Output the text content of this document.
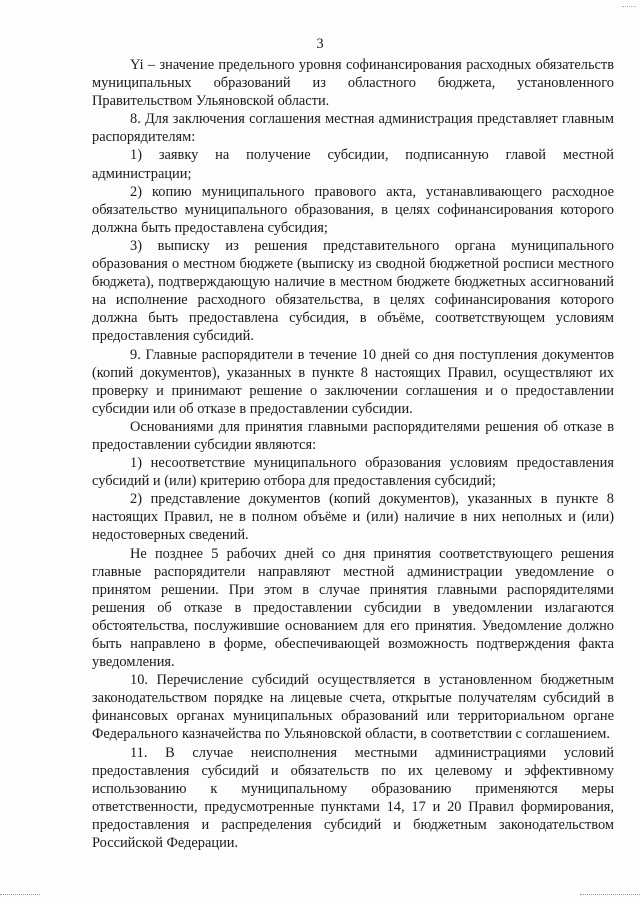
3

Yi – значение предельного уровня софинансирования расходных обязательств муниципальных образований из областного бюджета, установленного Правительством Ульяновской области.

8. Для заключения соглашения местная администрация представляет главным распорядителям:

1) заявку на получение субсидии, подписанную главой местной администрации;

2) копию муниципального правового акта, устанавливающего расходное обязательство муниципального образования, в целях софинансирования которого должна быть предоставлена субсидия;

3) выписку из решения представительного органа муниципального образования о местном бюджете (выписку из сводной бюджетной росписи местного бюджета), подтверждающую наличие в местном бюджете бюджетных ассигнований на исполнение расходного обязательства, в целях софинансирования которого должна быть предоставлена субсидия, в объёме, соответствующем условиям предоставления субсидий.

9. Главные распорядители в течение 10 дней со дня поступления документов (копий документов), указанных в пункте 8 настоящих Правил, осуществляют их проверку и принимают решение о заключении соглашения и о предоставлении субсидии или об отказе в предоставлении субсидии.

Основаниями для принятия главными распорядителями решения об отказе в предоставлении субсидии являются:

1) несоответствие муниципального образования условиям предоставления субсидий и (или) критерию отбора для предоставления субсидий;

2) представление документов (копий документов), указанных в пункте 8 настоящих Правил, не в полном объёме и (или) наличие в них неполных и (или) недостоверных сведений.

Не позднее 5 рабочих дней со дня принятия соответствующего решения главные распорядители направляют местной администрации уведомление о принятом решении. При этом в случае принятия главными распорядителями решения об отказе в предоставлении субсидии в уведомлении излагаются обстоятельства, послужившие основанием для его принятия. Уведомление должно быть направлено в форме, обеспечивающей возможность подтверждения факта уведомления.

10. Перечисление субсидий осуществляется в установленном бюджетным законодательством порядке на лицевые счета, открытые получателям субсидий в финансовых органах муниципальных образований или территориальном органе Федерального казначейства по Ульяновской области, в соответствии с соглашением.

11. В случае неисполнения местными администрациями условий предоставления субсидий и обязательств по их целевому и эффективному использованию к муниципальному образованию применяются меры ответственности, предусмотренные пунктами 14, 17 и 20 Правил формирования, предоставления и распределения субсидий и бюджетным законодательством Российской Федерации.
